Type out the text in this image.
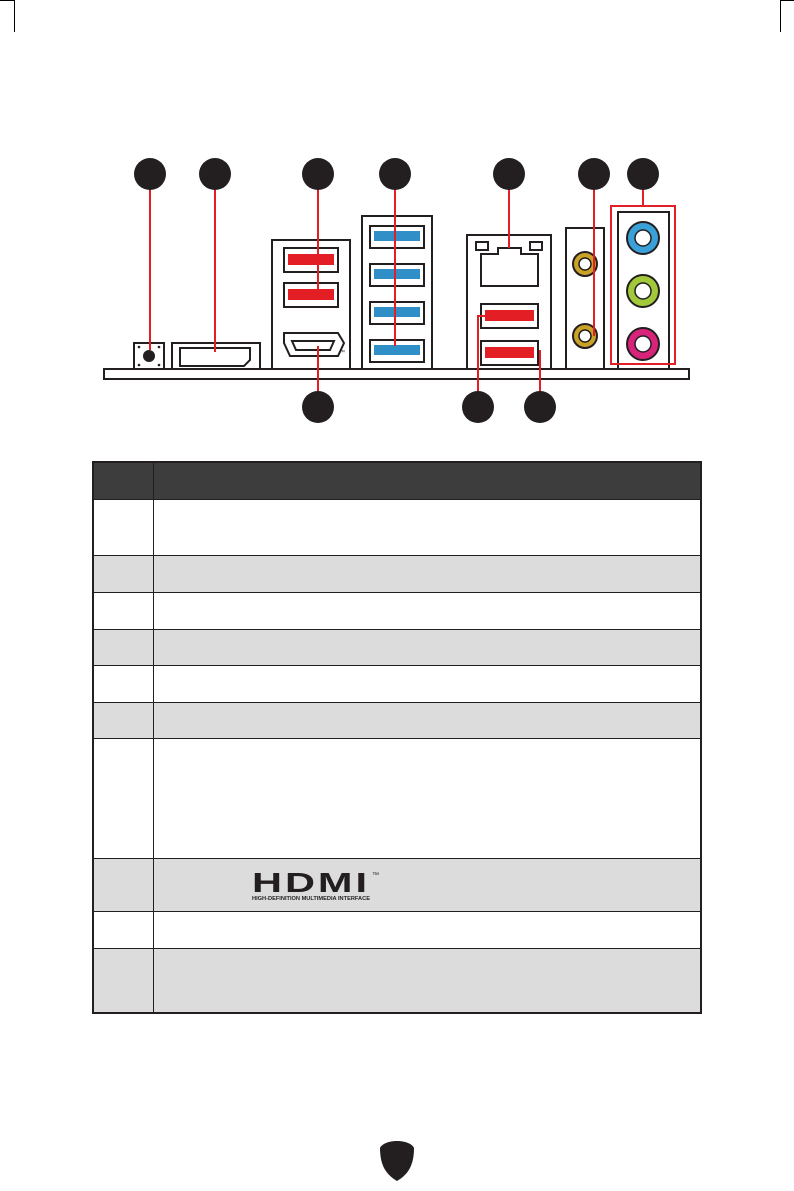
™

HDMI ™
HIGH-DEFINITION MULTIMEDIA INTERFACE
